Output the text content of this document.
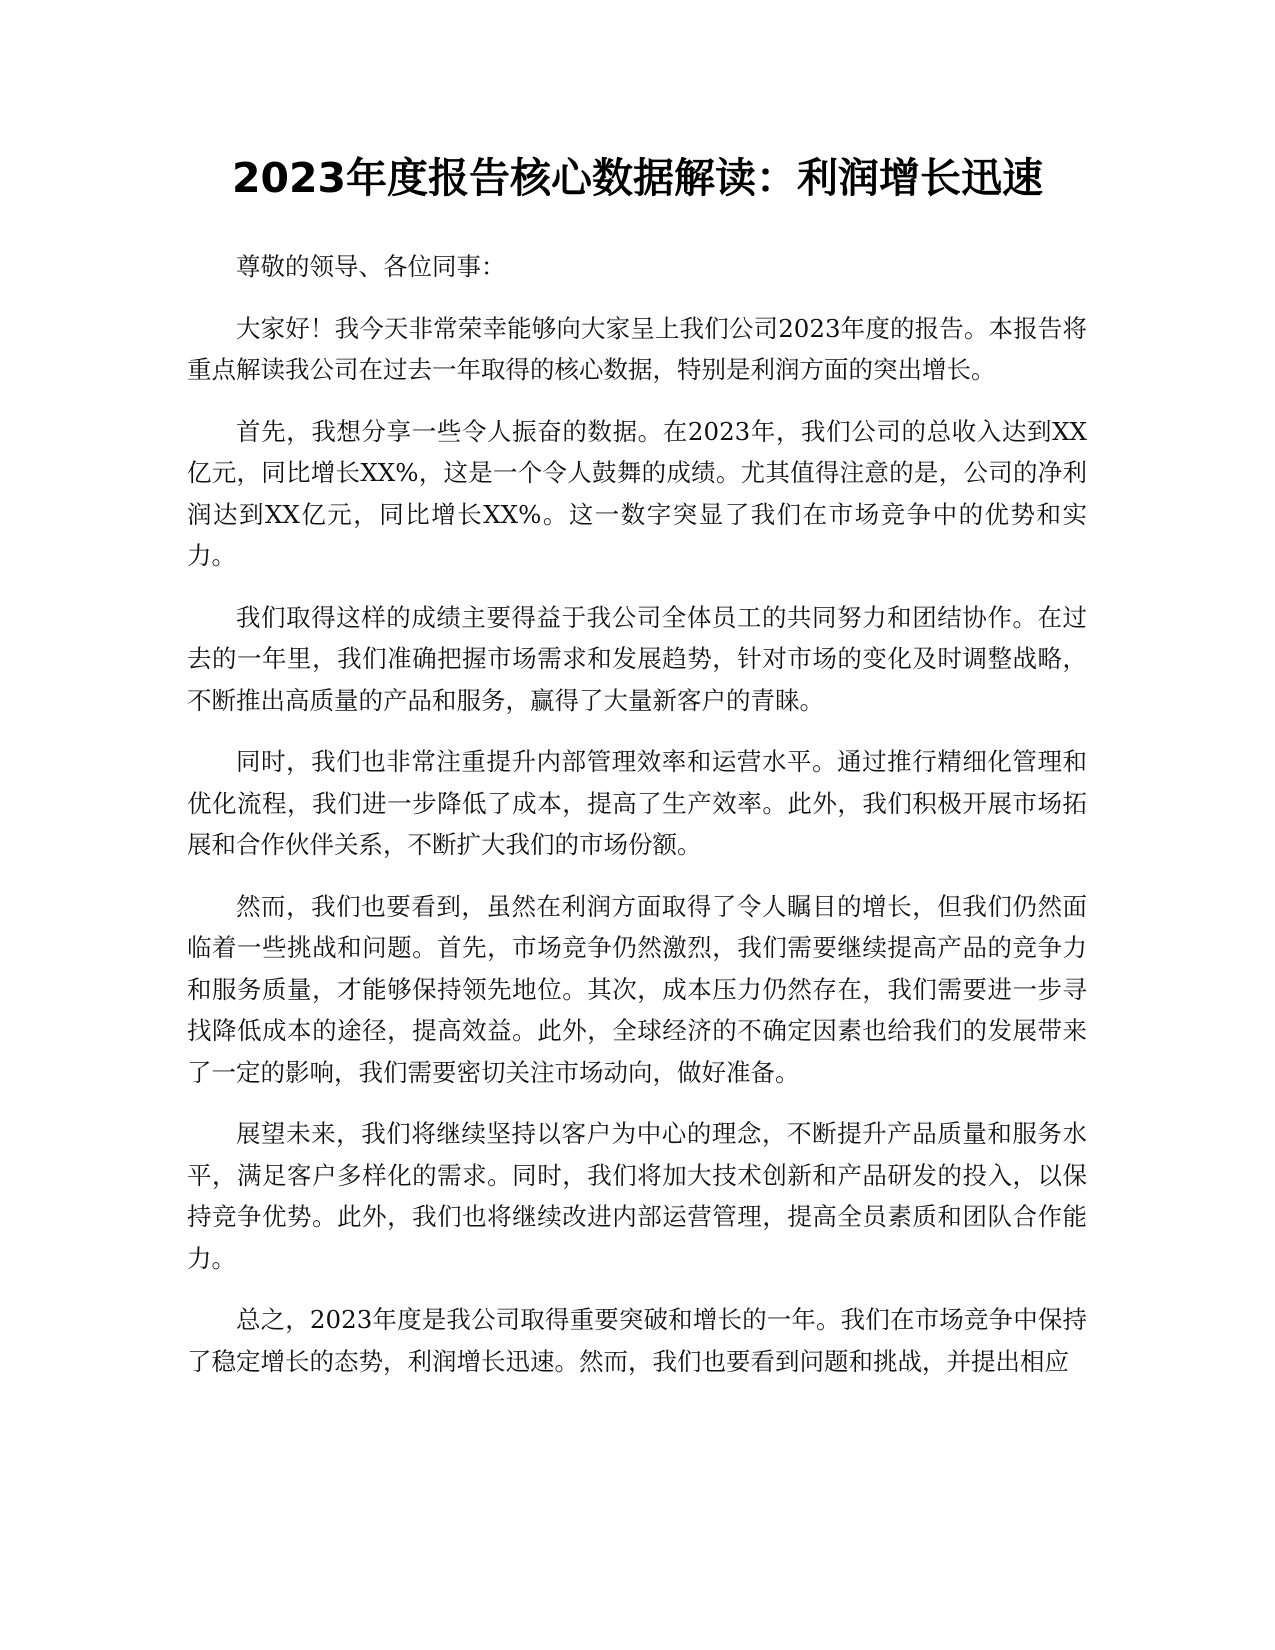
2023年度报告核心数据解读：利润增长迅速

尊敬的领导、各位同事：

大家好！我今天非常荣幸能够向大家呈上我们公司2023年度的报告。本报告将重点解读我公司在过去一年取得的核心数据，特别是利润方面的突出增长。

首先，我想分享一些令人振奋的数据。在2023年，我们公司的总收入达到XX亿元，同比增长XX%，这是一个令人鼓舞的成绩。尤其值得注意的是，公司的净利润达到XX亿元，同比增长XX%。这一数字突显了我们在市场竞争中的优势和实力。

我们取得这样的成绩主要得益于我公司全体员工的共同努力和团结协作。在过去的一年里，我们准确把握市场需求和发展趋势，针对市场的变化及时调整战略，不断推出高质量的产品和服务，赢得了大量新客户的青睐。

同时，我们也非常注重提升内部管理效率和运营水平。通过推行精细化管理和优化流程，我们进一步降低了成本，提高了生产效率。此外，我们积极开展市场拓展和合作伙伴关系，不断扩大我们的市场份额。

然而，我们也要看到，虽然在利润方面取得了令人瞩目的增长，但我们仍然面临着一些挑战和问题。首先，市场竞争仍然激烈，我们需要继续提高产品的竞争力和服务质量，才能够保持领先地位。其次，成本压力仍然存在，我们需要进一步寻找降低成本的途径，提高效益。此外，全球经济的不确定因素也给我们的发展带来了一定的影响，我们需要密切关注市场动向，做好准备。

展望未来，我们将继续坚持以客户为中心的理念，不断提升产品质量和服务水平，满足客户多样化的需求。同时，我们将加大技术创新和产品研发的投入，以保持竞争优势。此外，我们也将继续改进内部运营管理，提高全员素质和团队合作能力。

总之，2023年度是我公司取得重要突破和增长的一年。我们在市场竞争中保持了稳定增长的态势，利润增长迅速。然而，我们也要看到问题和挑战，并提出相应
